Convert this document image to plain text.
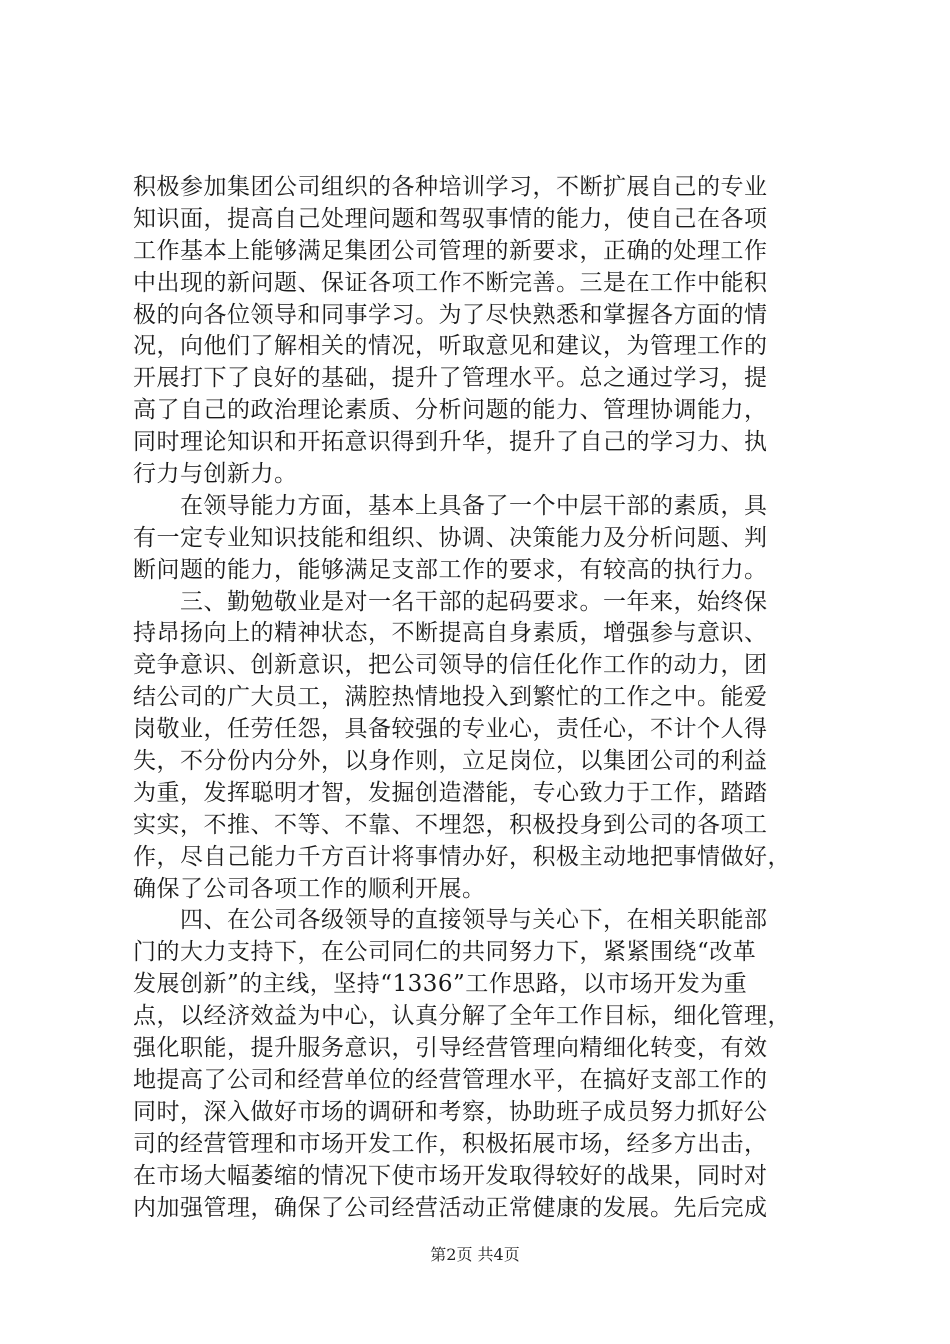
积极参加集团公司组织的各种培训学习，不断扩展自己的专业
知识面，提高自己处理问题和驾驭事情的能力，使自己在各项
工作基本上能够满足集团公司管理的新要求，正确的处理工作
中出现的新问题、保证各项工作不断完善。三是在工作中能积
极的向各位领导和同事学习。为了尽快熟悉和掌握各方面的情
况，向他们了解相关的情况，听取意见和建议，为管理工作的
开展打下了良好的基础，提升了管理水平。总之通过学习，提
高了自己的政治理论素质、分析问题的能力、管理协调能力，
同时理论知识和开拓意识得到升华，提升了自己的学习力、执
行力与创新力。
　　在领导能力方面，基本上具备了一个中层干部的素质，具
有一定专业知识技能和组织、协调、决策能力及分析问题、判
断问题的能力，能够满足支部工作的要求，有较高的执行力。
　　三、勤勉敬业是对一名干部的起码要求。一年来，始终保
持昂扬向上的精神状态，不断提高自身素质，增强参与意识、
竞争意识、创新意识，把公司领导的信任化作工作的动力，团
结公司的广大员工，满腔热情地投入到繁忙的工作之中。能爱
岗敬业，任劳任怨，具备较强的专业心，责任心，不计个人得
失，不分份内分外，以身作则，立足岗位，以集团公司的利益
为重，发挥聪明才智，发掘创造潜能，专心致力于工作，踏踏
实实，不推、不等、不靠、不埋怨，积极投身到公司的各项工
作，尽自己能力千方百计将事情办好，积极主动地把事情做好，
确保了公司各项工作的顺利开展。
　　四、在公司各级领导的直接领导与关心下，在相关职能部
门的大力支持下，在公司同仁的共同努力下，紧紧围绕“改革
发展创新”的主线，坚持“1336”工作思路，以市场开发为重
点，以经济效益为中心，认真分解了全年工作目标，细化管理，
强化职能，提升服务意识，引导经营管理向精细化转变，有效
地提高了公司和经营单位的经营管理水平，在搞好支部工作的
同时，深入做好市场的调研和考察，协助班子成员努力抓好公
司的经营管理和市场开发工作，积极拓展市场，经多方出击，
在市场大幅萎缩的情况下使市场开发取得较好的战果，同时对
内加强管理，确保了公司经营活动正常健康的发展。先后完成
第2页 共4页
